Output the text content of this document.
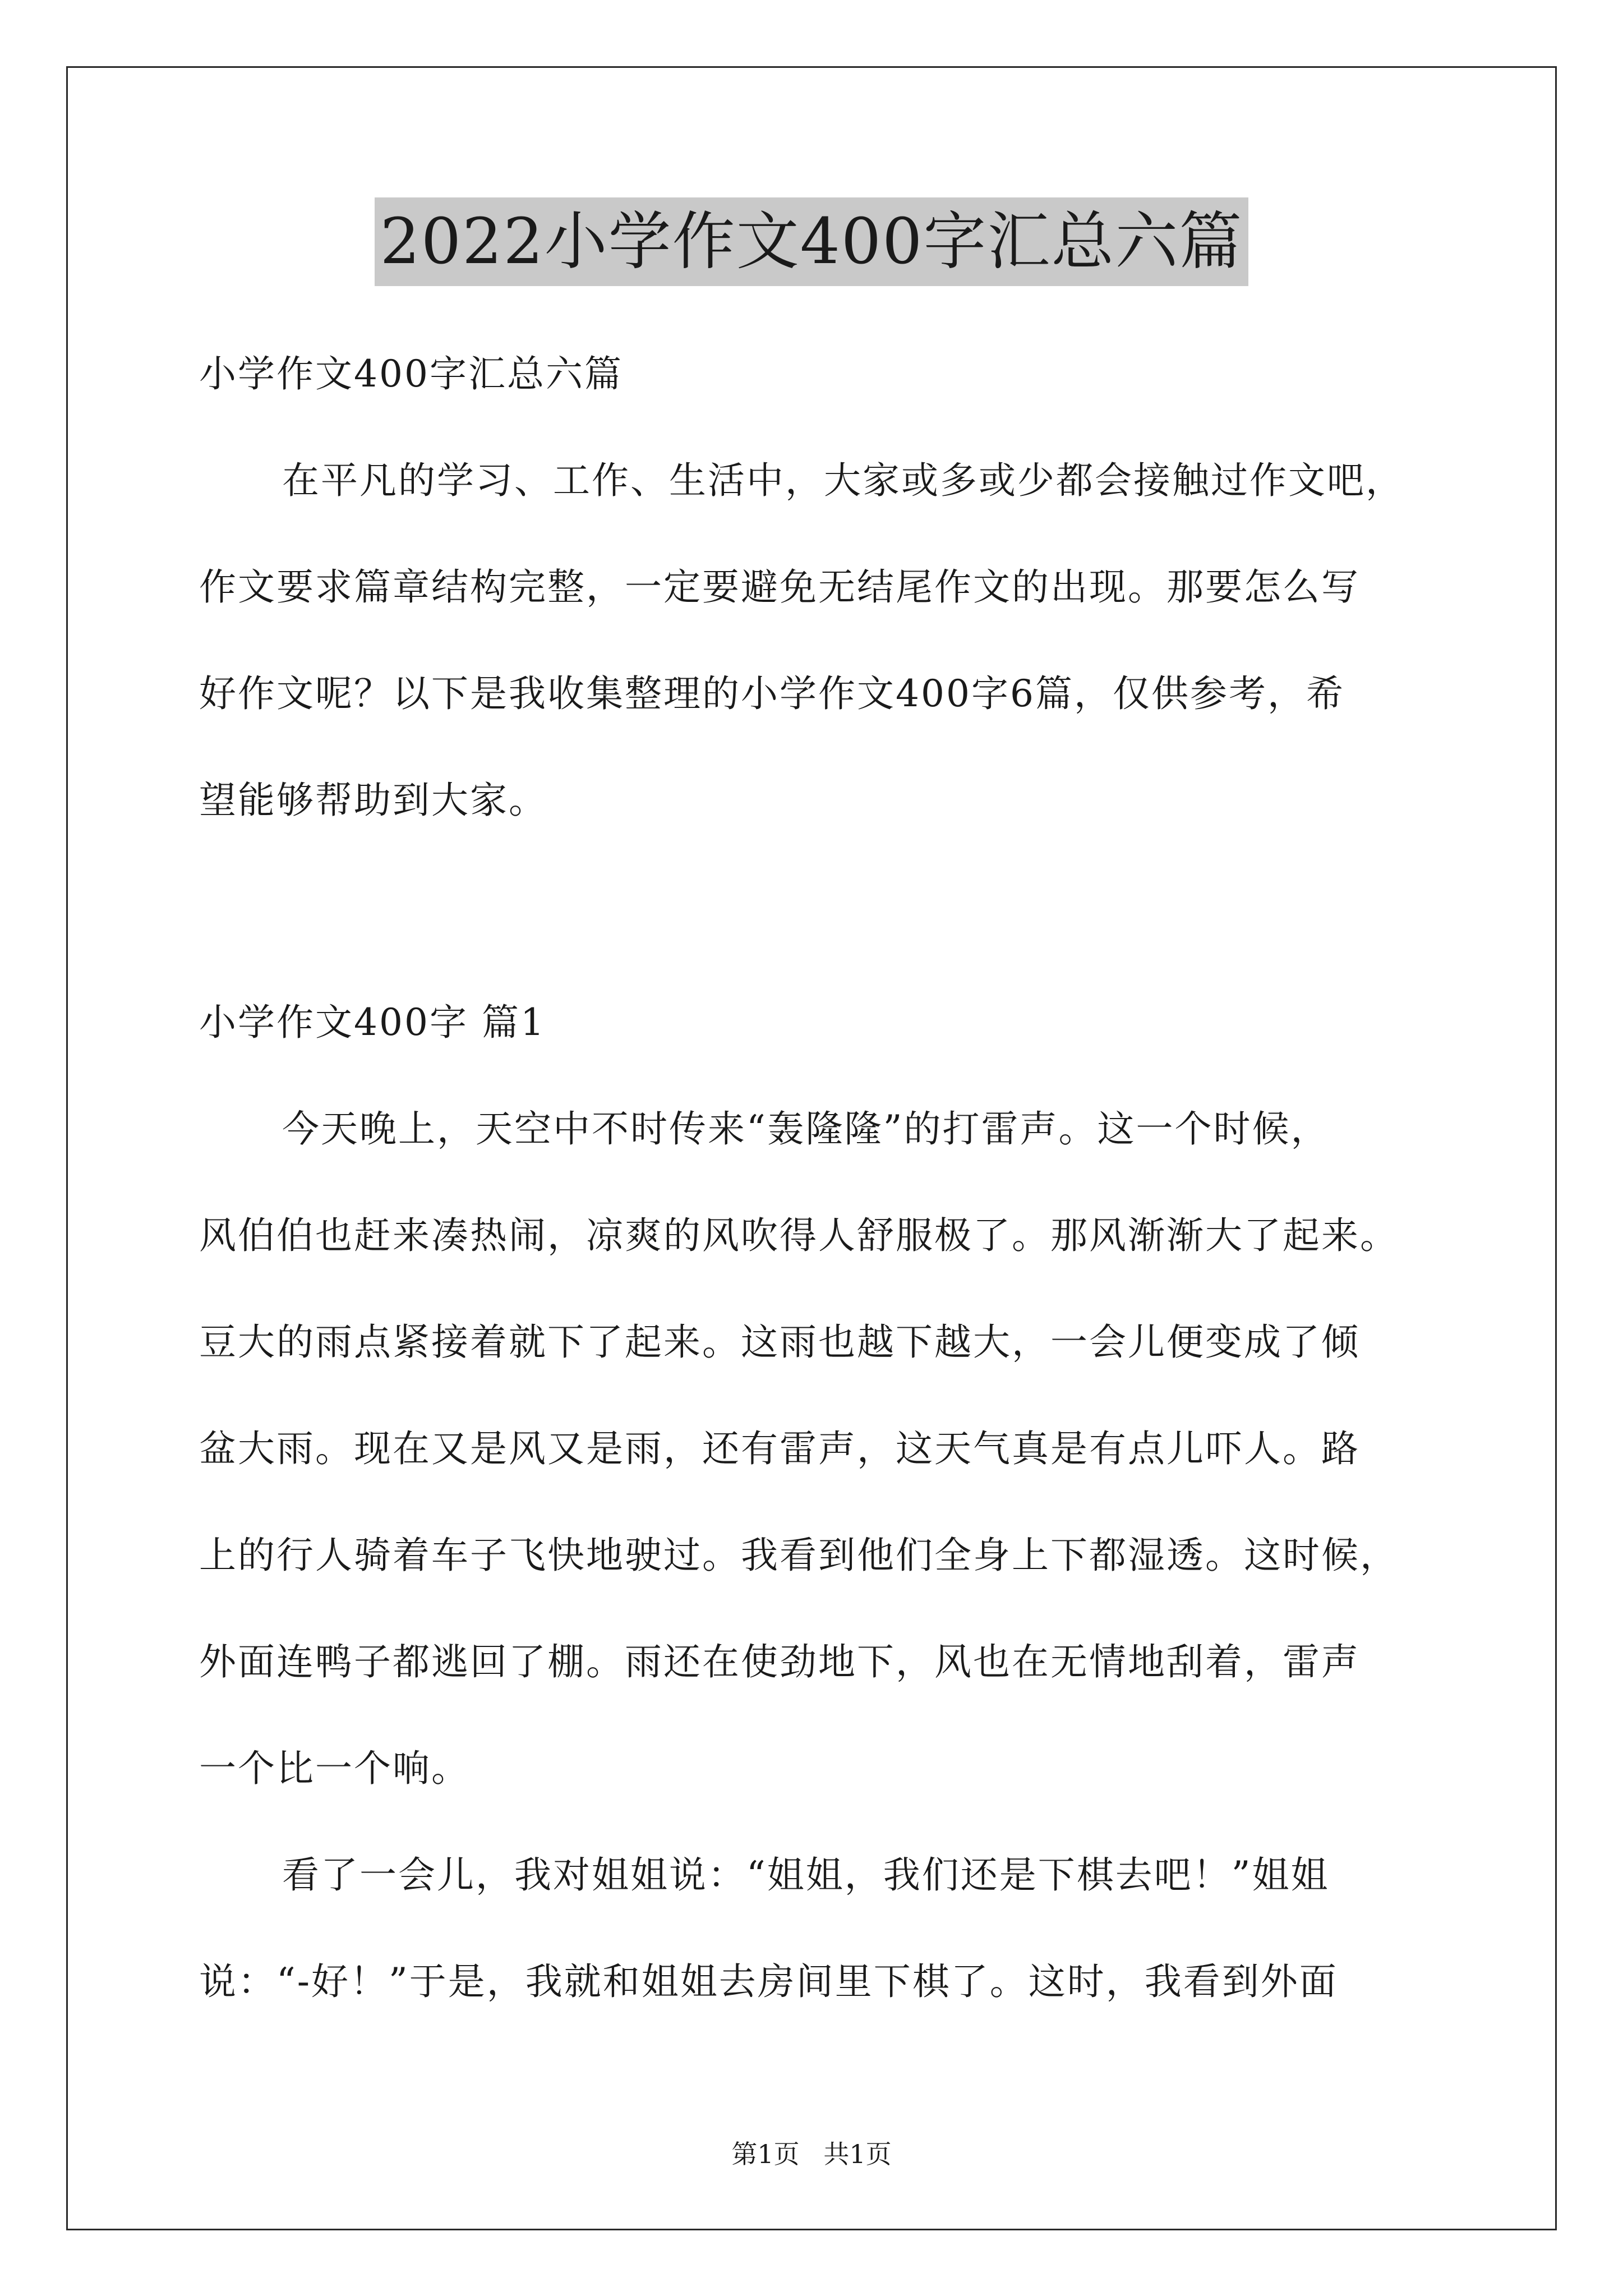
2022小学作文400字汇总六篇
小学作文400字汇总六篇
在平凡的学习、工作、生活中，大家或多或少都会接触过作文吧，
作文要求篇章结构完整，一定要避免无结尾作文的出现。那要怎么写
好作文呢？以下是我收集整理的小学作文400字6篇，仅供参考，希
望能够帮助到大家。
小学作文400字 篇1
今天晚上，天空中不时传来“轰隆隆”的打雷声。这一个时候，
风伯伯也赶来凑热闹，凉爽的风吹得人舒服极了。那风渐渐大了起来。
豆大的雨点紧接着就下了起来。这雨也越下越大，一会儿便变成了倾
盆大雨。现在又是风又是雨，还有雷声，这天气真是有点儿吓人。路
上的行人骑着车子飞快地驶过。我看到他们全身上下都湿透。这时候，
外面连鸭子都逃回了棚。雨还在使劲地下，风也在无情地刮着，雷声
一个比一个响。
看了一会儿，我对姐姐说：“姐姐，我们还是下棋去吧！”姐姐
说：“-好！”于是，我就和姐姐去房间里下棋了。这时，我看到外面
第1页 共1页
